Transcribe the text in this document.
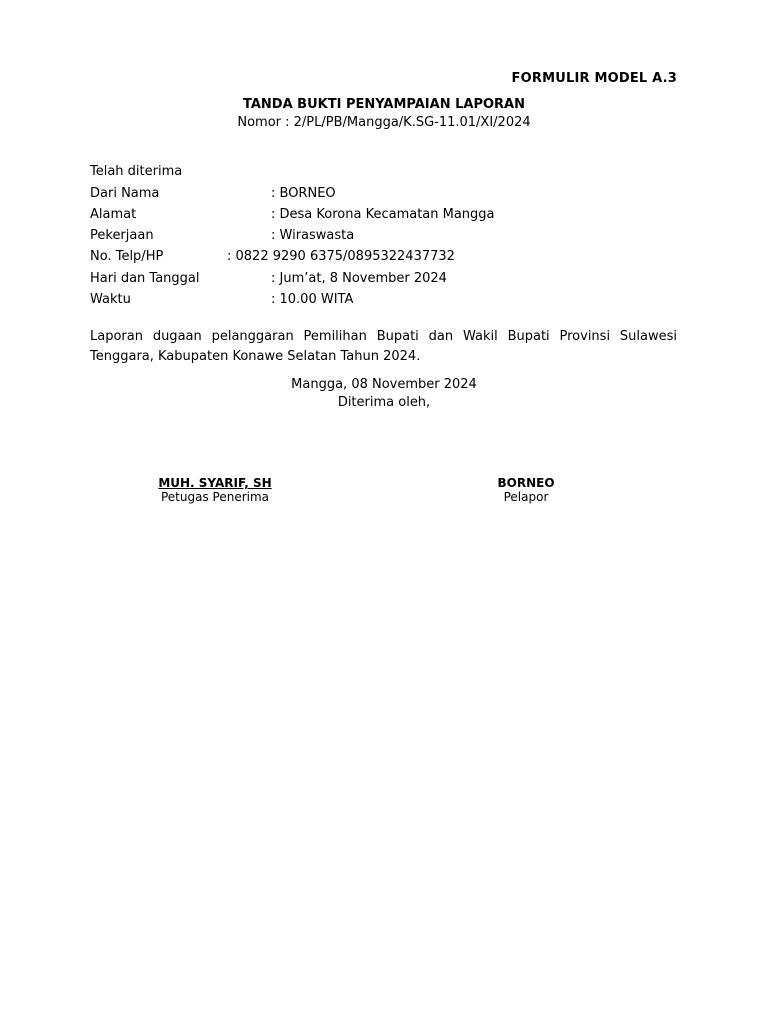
FORMULIR MODEL A.3
TANDA BUKTI PENYAMPAIAN LAPORAN
Nomor : 2/PL/PB/Mangga/K.SG-11.01/XI/2024
Telah diterima
Dari Nama	: BORNEO
Alamat	: Desa Korona Kecamatan Mangga
Pekerjaan	: Wiraswasta
No. Telp/HP	: 0822 9290 6375/0895322437732
Hari dan Tanggal	: Jum’at, 8 November 2024
Waktu	: 10.00 WITA
Laporan dugaan pelanggaran Pemilihan Bupati dan Wakil Bupati Provinsi Sulawesi Tenggara, Kabupaten Konawe Selatan Tahun 2024.
Mangga, 08 November 2024
Diterima oleh,
MUH. SYARIF, SH
Petugas Penerima
BORNEO
Pelapor
